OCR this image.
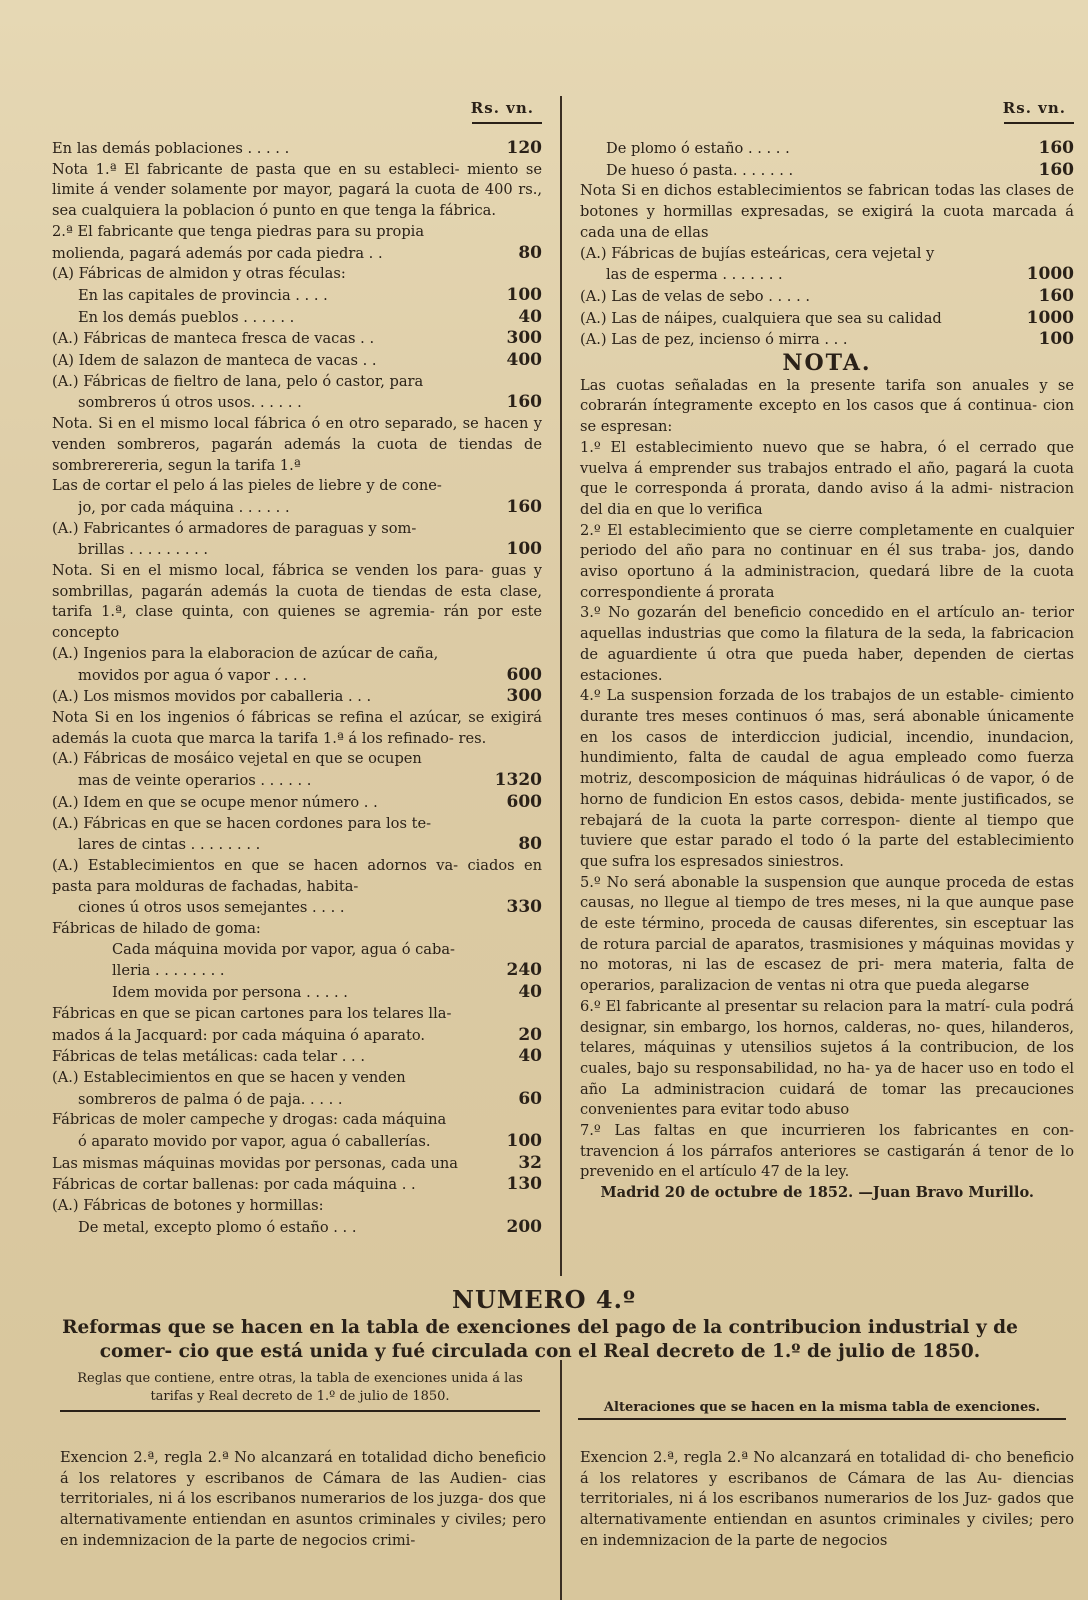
Rs. vn.
En las demás poblaciones . . . . .	120

Nota 1.ª El fabricante de pasta que en su estableci- miento se limite á vender solamente por mayor, pagará la cuota de 400 rs., sea cualquiera la poblacion ó punto en que tenga la fábrica.

2.ª El fabricante que tenga piedras para su propia

molienda, pagará además por cada piedra . .	80

(A) Fábricas de almidon y otras féculas:

En las capitales de provincia . . . .	100
En los demás pueblos . . . . . .	40
(A.) Fábricas de manteca fresca de vacas . .	300
(A) Idem de salazon de manteca de vacas . .	400

(A.) Fábricas de fieltro de lana, pelo ó castor, para

sombreros ú otros usos. . . . . .	160

Nota. Si en el mismo local fábrica ó en otro separado, se hacen y venden sombreros, pagarán además la cuota de tiendas de sombrerereria, segun la tarifa 1.ª

Las de cortar el pelo á las pieles de liebre y de cone-

jo, por cada máquina . . . . . .	160

(A.) Fabricantes ó armadores de paraguas y som-

brillas . . . . . . . . .	100

Nota. Si en el mismo local, fábrica se venden los para- guas y sombrillas, pagarán además la cuota de tiendas de esta clase, tarifa 1.ª, clase quinta, con quienes se agremia- rán por este concepto

(A.) Ingenios para la elaboracion de azúcar de caña,

movidos por agua ó vapor . . . .	600
(A.) Los mismos movidos por caballeria . . .	300

Nota Si en los ingenios ó fábricas se refina el azúcar, se exigirá además la cuota que marca la tarifa 1.ª á los refinado- res.

(A.) Fábricas de mosáico vejetal en que se ocupen

mas de veinte operarios . . . . . .	1320
(A.) Idem en que se ocupe menor número . .	600

(A.) Fábricas en que se hacen cordones para los te-

lares de cintas . . . . . . . .	80

(A.) Establecimientos en que se hacen adornos va- ciados en pasta para molduras de fachadas, habita-

ciones ú otros usos semejantes . . . .	330

Fábricas de hilado de goma:

Cada máquina movida por vapor, agua ó caba-

lleria . . . . . . . .	240
Idem movida por persona . . . . .	40

Fábricas en que se pican cartones para los telares lla-

mados á la Jacquard: por cada máquina ó aparato.	20
Fábricas de telas metálicas: cada telar . . .	40

(A.) Establecimientos en que se hacen y venden

sombreros de palma ó de paja. . . . .	60

Fábricas de moler campeche y drogas: cada máquina

ó aparato movido por vapor, agua ó caballerías.	100
Las mismas máquinas movidas por personas, cada una	32
Fábricas de cortar ballenas: por cada máquina . .	130

(A.) Fábricas de botones y hormillas:

De metal, excepto plomo ó estaño . . .	200
Rs. vn.
De plomo ó estaño . . . . .	160
De hueso ó pasta. . . . . . .	160

Nota Si en dichos establecimientos se fabrican todas las clases de botones y hormillas expresadas, se exigirá la cuota marcada á cada una de ellas

(A.) Fábricas de bujías esteáricas, cera vejetal y

las de esperma . . . . . . .	1000
(A.) Las de velas de sebo . . . . .	160
(A.) Las de náipes, cualquiera que sea su calidad	1000
(A.) Las de pez, incienso ó mirra . . .	100
NOTA.

Las cuotas señaladas en la presente tarifa son anuales y se cobrarán íntegramente excepto en los casos que á continua- cion se espresan:

1.º El establecimiento nuevo que se habra, ó el cerrado que vuelva á emprender sus trabajos entrado el año, pagará la cuota que le corresponda á prorata, dando aviso á la admi- nistracion del dia en que lo verifica

2.º El establecimiento que se cierre completamente en cualquier periodo del año para no continuar en él sus traba- jos, dando aviso oportuno á la administracion, quedará libre de la cuota correspondiente á prorata

3.º No gozarán del beneficio concedido en el artículo an- terior aquellas industrias que como la filatura de la seda, la fabricacion de aguardiente ú otra que pueda haber, dependen de ciertas estaciones.

4.º La suspension forzada de los trabajos de un estable- cimiento durante tres meses continuos ó mas, será abonable únicamente en los casos de interdiccion judicial, incendio, inundacion, hundimiento, falta de caudal de agua empleado como fuerza motriz, descomposicion de máquinas hidráulicas ó de vapor, ó de horno de fundicion En estos casos, debida- mente justificados, se rebajará de la cuota la parte correspon- diente al tiempo que tuviere que estar parado el todo ó la parte del establecimiento que sufra los espresados siniestros.

5.º No será abonable la suspension que aunque proceda de estas causas, no llegue al tiempo de tres meses, ni la que aunque pase de este término, proceda de causas diferentes, sin esceptuar las de rotura parcial de aparatos, trasmisiones y máquinas movidas y no motoras, ni las de escasez de pri- mera materia, falta de operarios, paralizacion de ventas ni otra que pueda alegarse

6.º El fabricante al presentar su relacion para la matrí- cula podrá designar, sin embargo, los hornos, calderas, no- ques, hilanderos, telares, máquinas y utensilios sujetos á la contribucion, de los cuales, bajo su responsabilidad, no ha- ya de hacer uso en todo el año La administracion cuidará de tomar las precauciones convenientes para evitar todo abuso

7.º Las faltas en que incurrieren los fabricantes en con- travencion á los párrafos anteriores se castigarán á tenor de lo prevenido en el artículo 47 de la ley.

Madrid 20 de octubre de 1852. —Juan Bravo Murillo.
NUMERO 4.º
Reformas que se hacen en la tabla de exenciones del pago de la contribucion industrial y de comer- cio que está unida y fué circulada con el Real decreto de 1.º de julio de 1850.
Reglas que contiene, entre otras, la tabla de exenciones unida á las tarifas y Real decreto de 1.º de julio de 1850.
Alteraciones que se hacen en la misma tabla de exenciones.
Exencion 2.ª, regla 2.ª No alcanzará en totalidad dicho beneficio á los relatores y escribanos de Cámara de las Audien- cias territoriales, ni á los escribanos numerarios de los juzga- dos que alternativamente entiendan en asuntos criminales y civiles; pero en indemnizacion de la parte de negocios crimi-
Exencion 2.ª, regla 2.ª No alcanzará en totalidad di- cho beneficio á los relatores y escribanos de Cámara de las Au- diencias territoriales, ni á los escribanos numerarios de los Juz- gados que alternativamente entiendan en asuntos criminales y civiles; pero en indemnizacion de la parte de negocios
